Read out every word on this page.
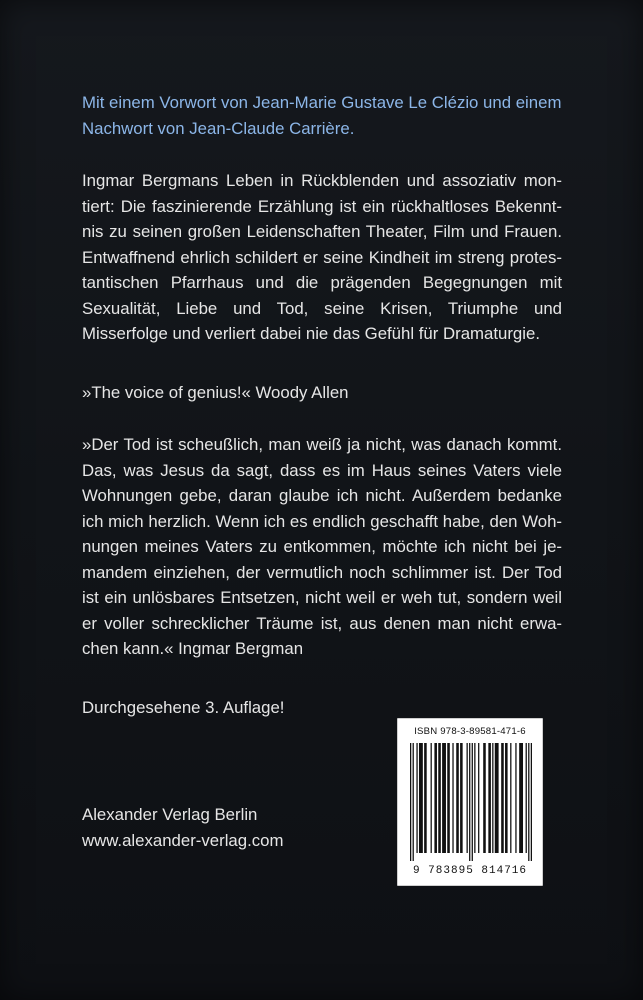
Mit einem Vorwort von Jean-Marie Gustave Le Clézio und einem Nachwort von Jean-Claude Carrière.

Ingmar Bergmans Leben in Rückblenden und assoziativ montiert: Die faszinierende Erzählung ist ein rückhaltloses Bekenntnis zu seinen großen Leidenschaften Theater, Film und Frauen. Entwaffnend ehrlich schildert er seine Kindheit im streng protestantischen Pfarrhaus und die prägenden Begegnungen mit Sexualität, Liebe und Tod, seine Krisen, Triumphe und Misserfolge und verliert dabei nie das Gefühl für Dramaturgie.

»The voice of genius!« Woody Allen

»Der Tod ist scheußlich, man weiß ja nicht, was danach kommt. Das, was Jesus da sagt, dass es im Haus seines Vaters viele Wohnungen gebe, daran glaube ich nicht. Außerdem bedanke ich mich herzlich. Wenn ich es endlich geschafft habe, den Wohnungen meines Vaters zu entkommen, möchte ich nicht bei jemandem einziehen, der vermutlich noch schlimmer ist. Der Tod ist ein unlösbares Entsetzen, nicht weil er weh tut, sondern weil er voller schrecklicher Träume ist, aus denen man nicht erwachen kann.« Ingmar Bergman

Durchgesehene 3. Auflage!

Alexander Verlag Berlin
www.alexander-verlag.com
ISBN 978-3-89581-471-6
9 783895 814716
